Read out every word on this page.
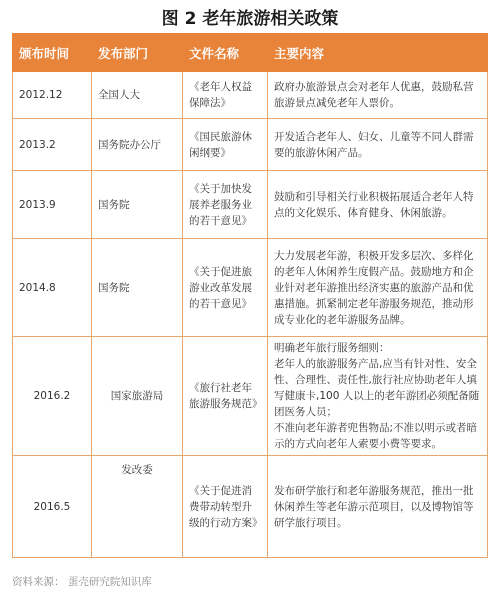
图 2 老年旅游相关政策
颁布时间	发布部门	文件名称	主要内容
2012.12	全国人大	《老年人权益保障法》	政府办旅游景点会对老年人优惠，鼓励私营旅游景点减免老年人票价。
2013.2	国务院办公厅	《国民旅游休闲纲要》	开发适合老年人、妇女、儿童等不同人群需要的旅游休闲产品。
2013.9	国务院	《关于加快发展养老服务业的若干意见》	鼓励和引导相关行业积极拓展适合老年人特点的文化娱乐、体育健身、休闲旅游。
2014.8	国务院	《关于促进旅游业改革发展的若干意见》	大力发展老年游，积极开发多层次、多样化的老年人休闲养生度假产品。鼓励地方和企业针对老年游推出经济实惠的旅游产品和优惠措施。抓紧制定老年游服务规范，推动形成专业化的老年游服务品牌。
2016.2	国家旅游局	《旅行社老年旅游服务规范》	明确老年旅行服务细则：
老年人的旅游服务产品,应当有针对性、安全性、合理性、责任性,旅行社应协助老年人填写健康卡,100 人以上的老年游团必须配备随团医务人员；
不准向老年游者兜售物品;不准以明示或者暗示的方式向老年人索要小费等要求。
2016.5	发改委	《关于促进消费带动转型升级的行动方案》	发布研学旅行和老年游服务规范，推出一批休闲养生等老年游示范项目，以及博物馆等研学旅行项目。
资料来源： 蛋壳研究院知识库
